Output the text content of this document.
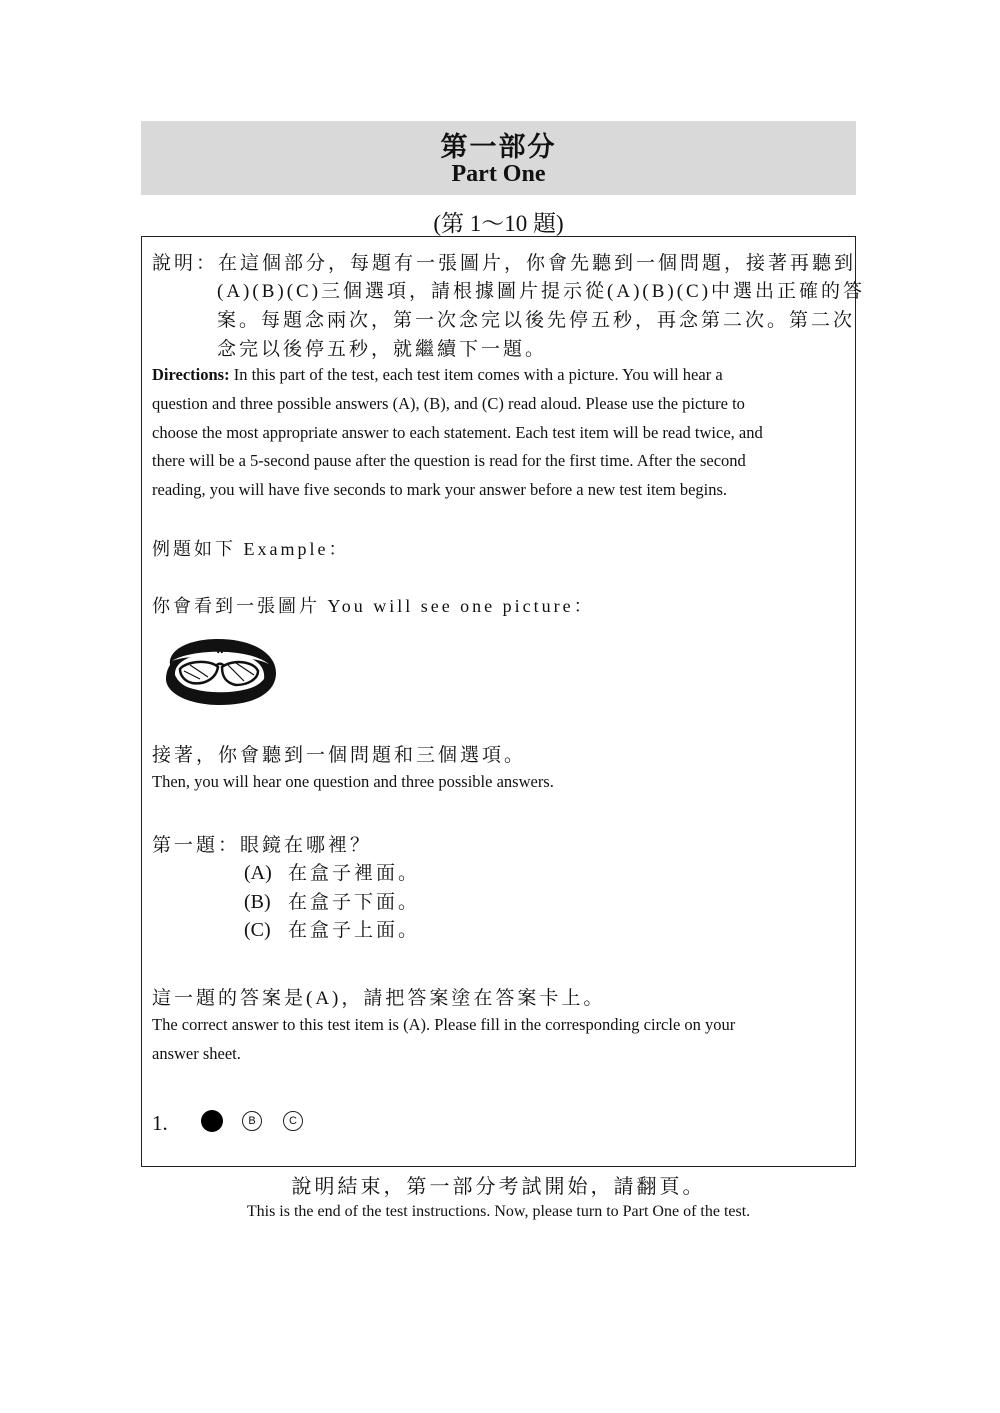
第一部分
Part One
(第 1～10 題)
說明：在這個部分，每題有一張圖片，你會先聽到一個問題，接著再聽到
(A)(B)(C)三個選項，請根據圖片提示從(A)(B)(C)中選出正確的答
案。每題念兩次，第一次念完以後先停五秒，再念第二次。第二次
念完以後停五秒，就繼續下一題。
Directions: In this part of the test, each test item comes with a picture. You will hear a
question and three possible answers (A), (B), and (C) read aloud. Please use the picture to
choose the most appropriate answer to each statement. Each test item will be read twice, and
there will be a 5-second pause after the question is read for the first time. After the second
reading, you will have five seconds to mark your answer before a new test item begins.
例題如下 Example：
你會看到一張圖片 You will see one picture：
接著，你會聽到一個問題和三個選項。
Then, you will hear one question and three possible answers.
第一題：眼鏡在哪裡？
(A) 在盒子裡面。
(B) 在盒子下面。
(C) 在盒子上面。
這一題的答案是(A)，請把答案塗在答案卡上。
The correct answer to this test item is (A). Please fill in the corresponding circle on your
answer sheet.
1.	B	C
說明結束，第一部分考試開始，請翻頁。
This is the end of the test instructions. Now, please turn to Part One of the test.
